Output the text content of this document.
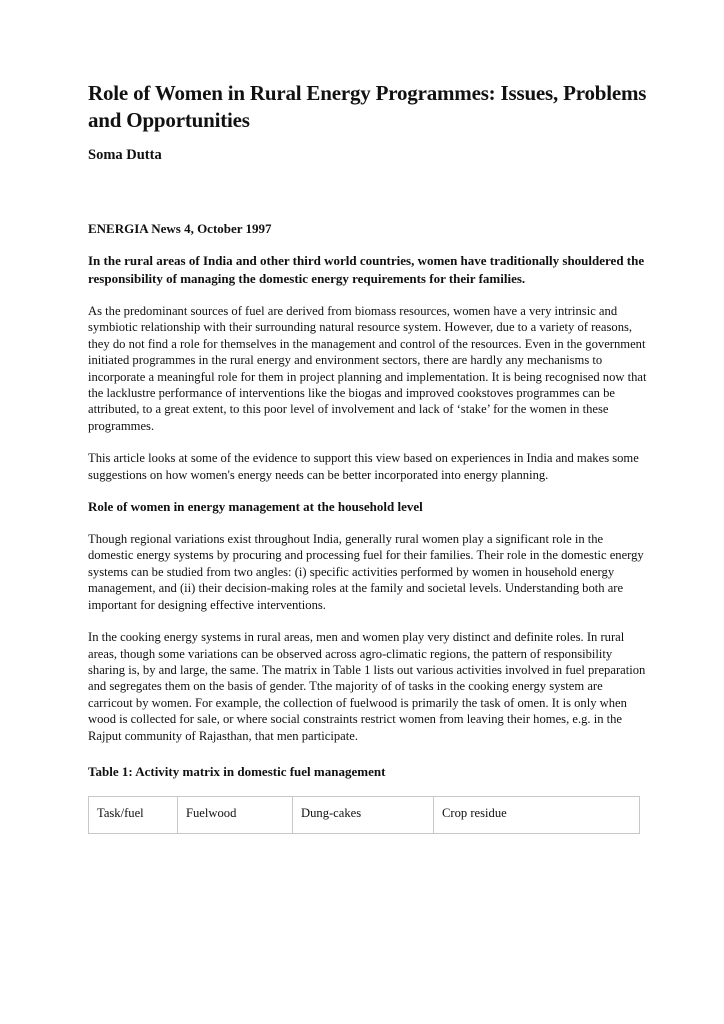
Role of Women in Rural Energy Programmes: Issues, Problems and Opportunities
Soma Dutta
ENERGIA News 4, October 1997

In the rural areas of India and other third world countries, women have traditionally shouldered the responsibility of managing the domestic energy requirements for their families.

As the predominant sources of fuel are derived from biomass resources, women have a very intrinsic and symbiotic relationship with their surrounding natural resource system. However, due to a variety of reasons, they do not find a role for themselves in the management and control of the resources. Even in the government initiated programmes in the rural energy and environment sectors, there are hardly any mechanisms to incorporate a meaningful role for them in project planning and implementation. It is being recognised now that the lacklustre performance of interventions like the biogas and improved cookstoves programmes can be attributed, to a great extent, to this poor level of involvement and lack of ‘stake’ for the women in these programmes.

This article looks at some of the evidence to support this view based on experiences in India and makes some suggestions on how women's energy needs can be better incorporated into energy planning.

Role of women in energy management at the household level

Though regional variations exist throughout India, generally rural women play a significant role in the domestic energy systems by procuring and processing fuel for their families. Their role in the domestic energy systems can be studied from two angles: (i) specific activities performed by women in household energy management, and (ii) their decision-making roles at the family and societal levels. Understanding both are important for designing effective interventions.

In the cooking energy systems in rural areas, men and women play very distinct and definite roles. In rural areas, though some variations can be observed across agro-climatic regions, the pattern of responsibility sharing is, by and large, the same. The matrix in Table 1 lists out various activities involved in fuel preparation and segregates them on the basis of gender. Tthe majority of of tasks in the cooking energy system are carricout by women. For example, the collection of fuelwood is primarily the task of omen. It is only when wood is collected for sale, or where social constraints restrict women from leaving their homes, e.g. in the Rajput community of Rajasthan, that men participate.

Table 1: Activity matrix in domestic fuel management
Task/fuel	Fuelwood	Dung-cakes	Crop residue
